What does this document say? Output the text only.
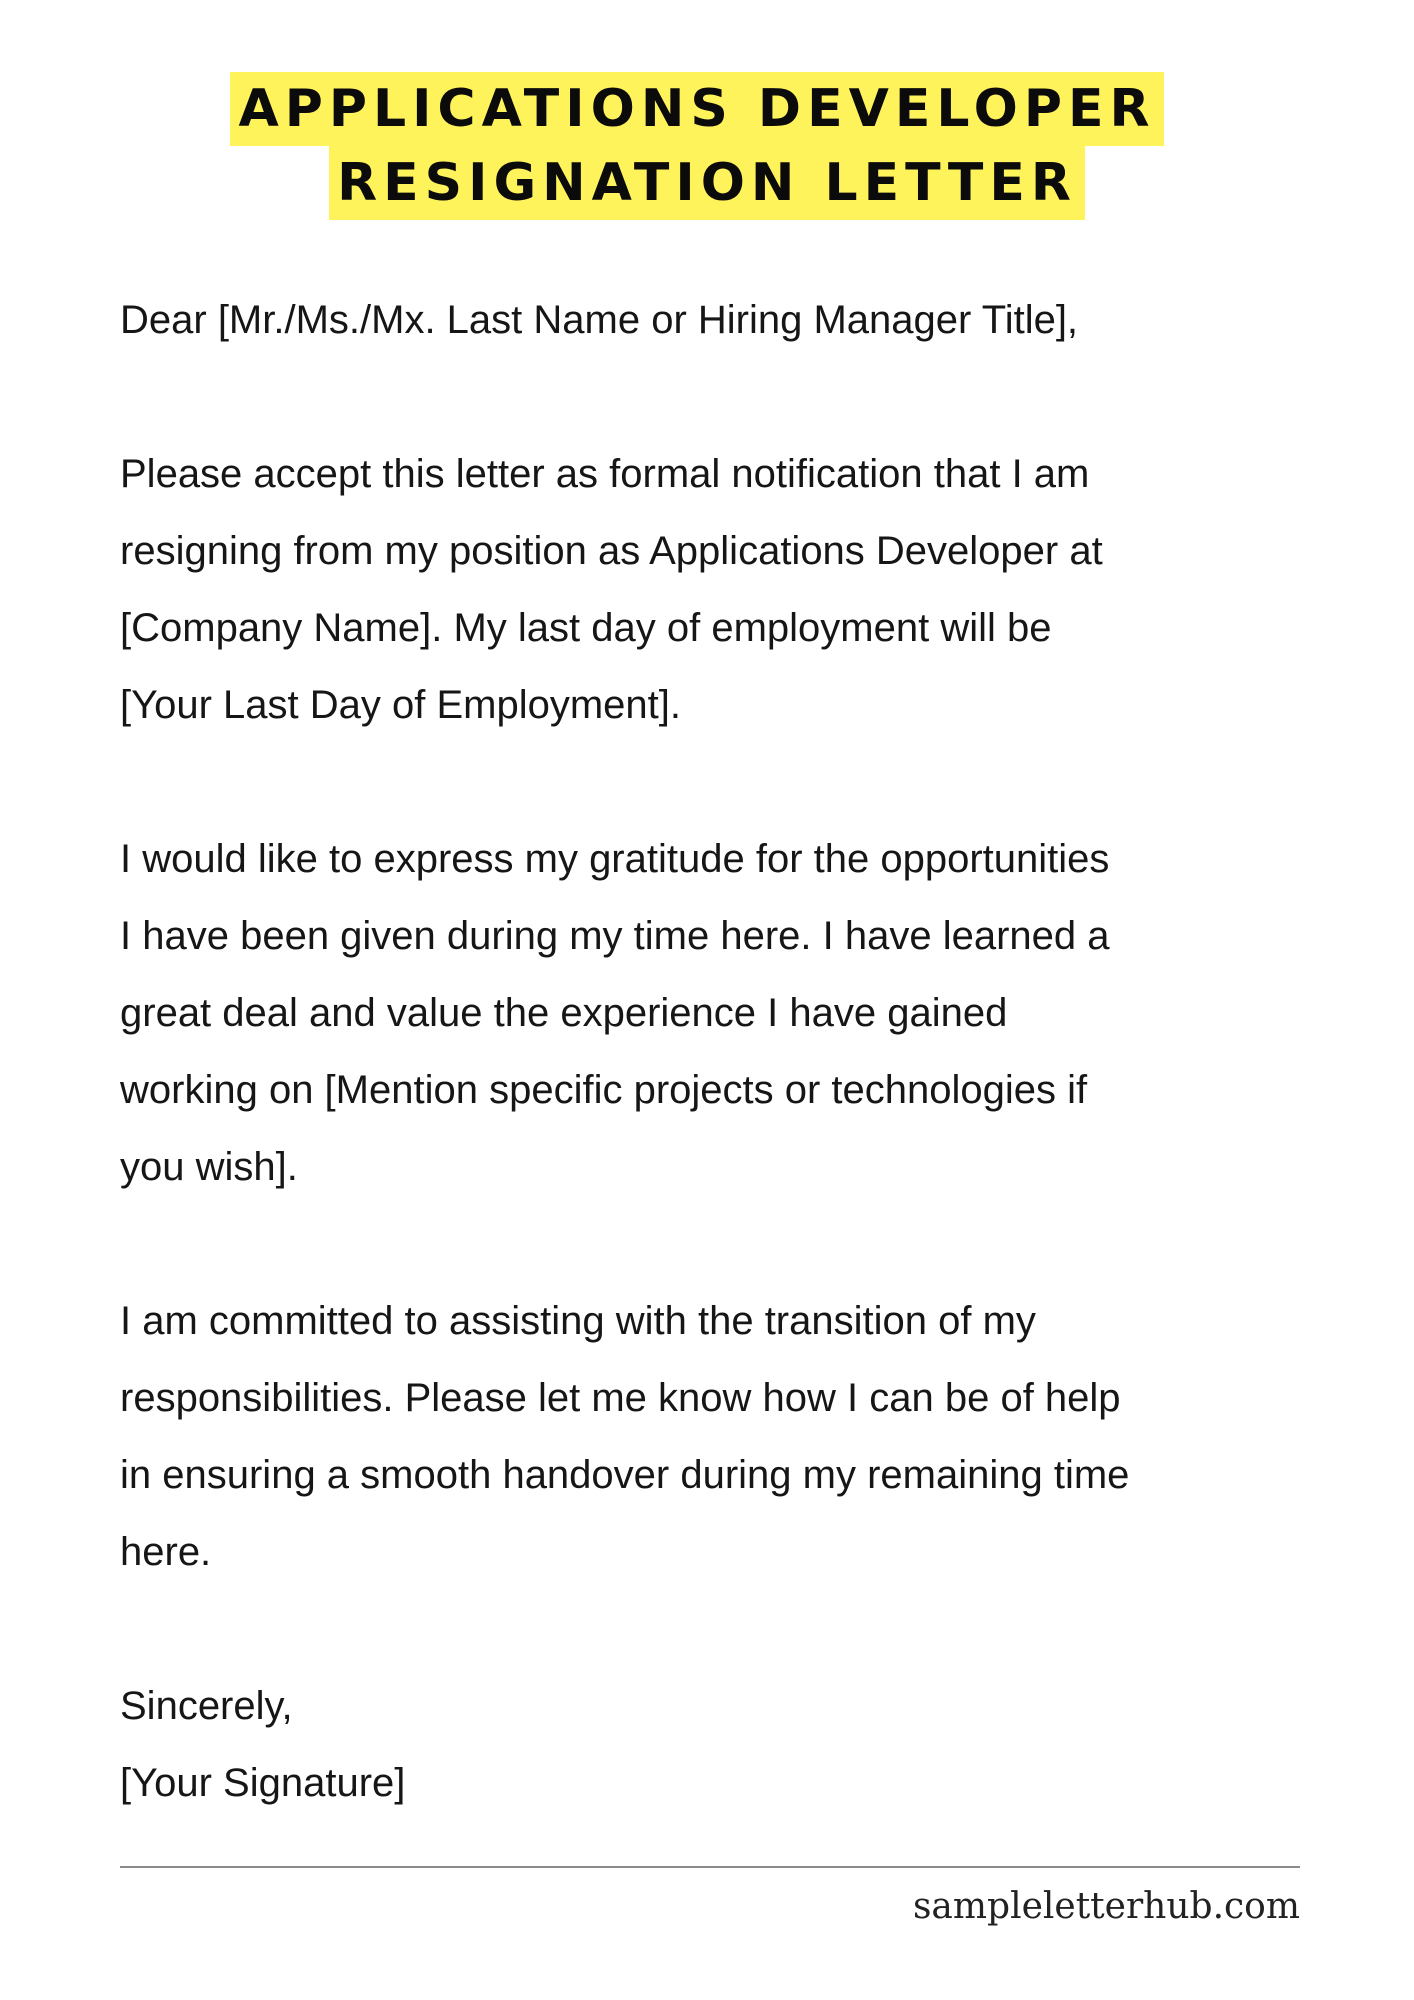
APPLICATIONS DEVELOPER
RESIGNATION LETTER

Dear [Mr./Ms./Mx. Last Name or Hiring Manager Title],

Please accept this letter as formal notification that I am

resigning from my position as Applications Developer at

[Company Name]. My last day of employment will be

[Your Last Day of Employment].

I would like to express my gratitude for the opportunities

I have been given during my time here. I have learned a

great deal and value the experience I have gained

working on [Mention specific projects or technologies if

you wish].

I am committed to assisting with the transition of my

responsibilities. Please let me know how I can be of help

in ensuring a smooth handover during my remaining time

here.

Sincerely,

[Your Signature]

sampleletterhub.com
